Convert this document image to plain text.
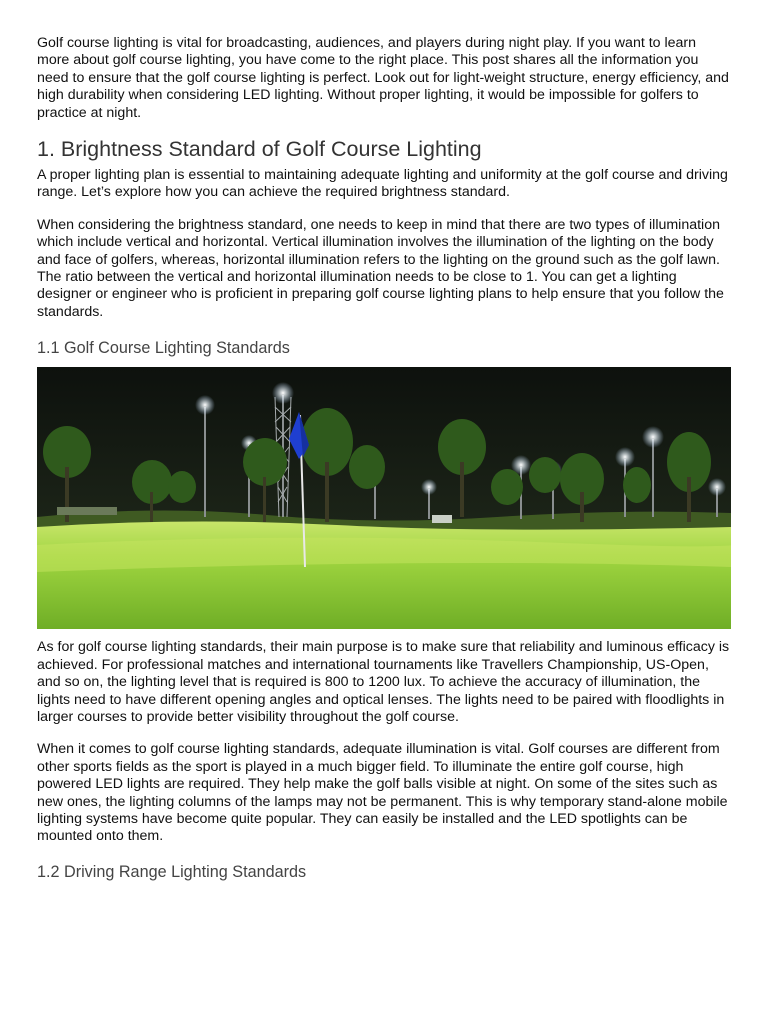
Golf course lighting is vital for broadcasting, audiences, and players during night play. If you want to learn more about golf course lighting, you have come to the right place. This post shares all the information you need to ensure that the golf course lighting is perfect. Look out for light-weight structure, energy efficiency, and high durability when considering LED lighting. Without proper lighting, it would be impossible for golfers to practice at night.

1. Brightness Standard of Golf Course Lighting

A proper lighting plan is essential to maintaining adequate lighting and uniformity at the golf course and driving range. Let’s explore how you can achieve the required brightness standard.

When considering the brightness standard, one needs to keep in mind that there are two types of illumination which include vertical and horizontal. Vertical illumination involves the illumination of the lighting on the body and face of golfers, whereas, horizontal illumination refers to the lighting on the ground such as the golf lawn. The ratio between the vertical and horizontal illumination needs to be close to 1. You can get a lighting designer or engineer who is proficient in preparing golf course lighting plans to help ensure that you follow the standards.

1.1 Golf Course Lighting Standards

As for golf course lighting standards, their main purpose is to make sure that reliability and luminous efficacy is achieved. For professional matches and international tournaments like Travellers Championship, US-Open, and so on, the lighting level that is required is 800 to 1200 lux. To achieve the accuracy of illumination, the lights need to have different opening angles and optical lenses. The lights need to be paired with floodlights in larger courses to provide better visibility throughout the golf course.

When it comes to golf course lighting standards, adequate illumination is vital. Golf courses are different from other sports fields as the sport is played in a much bigger field. To illuminate the entire golf course, high powered LED lights are required. They help make the golf balls visible at night. On some of the sites such as new ones, the lighting columns of the lamps may not be permanent. This is why temporary stand-alone mobile lighting systems have become quite popular. They can easily be installed and the LED spotlights can be mounted onto them.

1.2 Driving Range Lighting Standards
